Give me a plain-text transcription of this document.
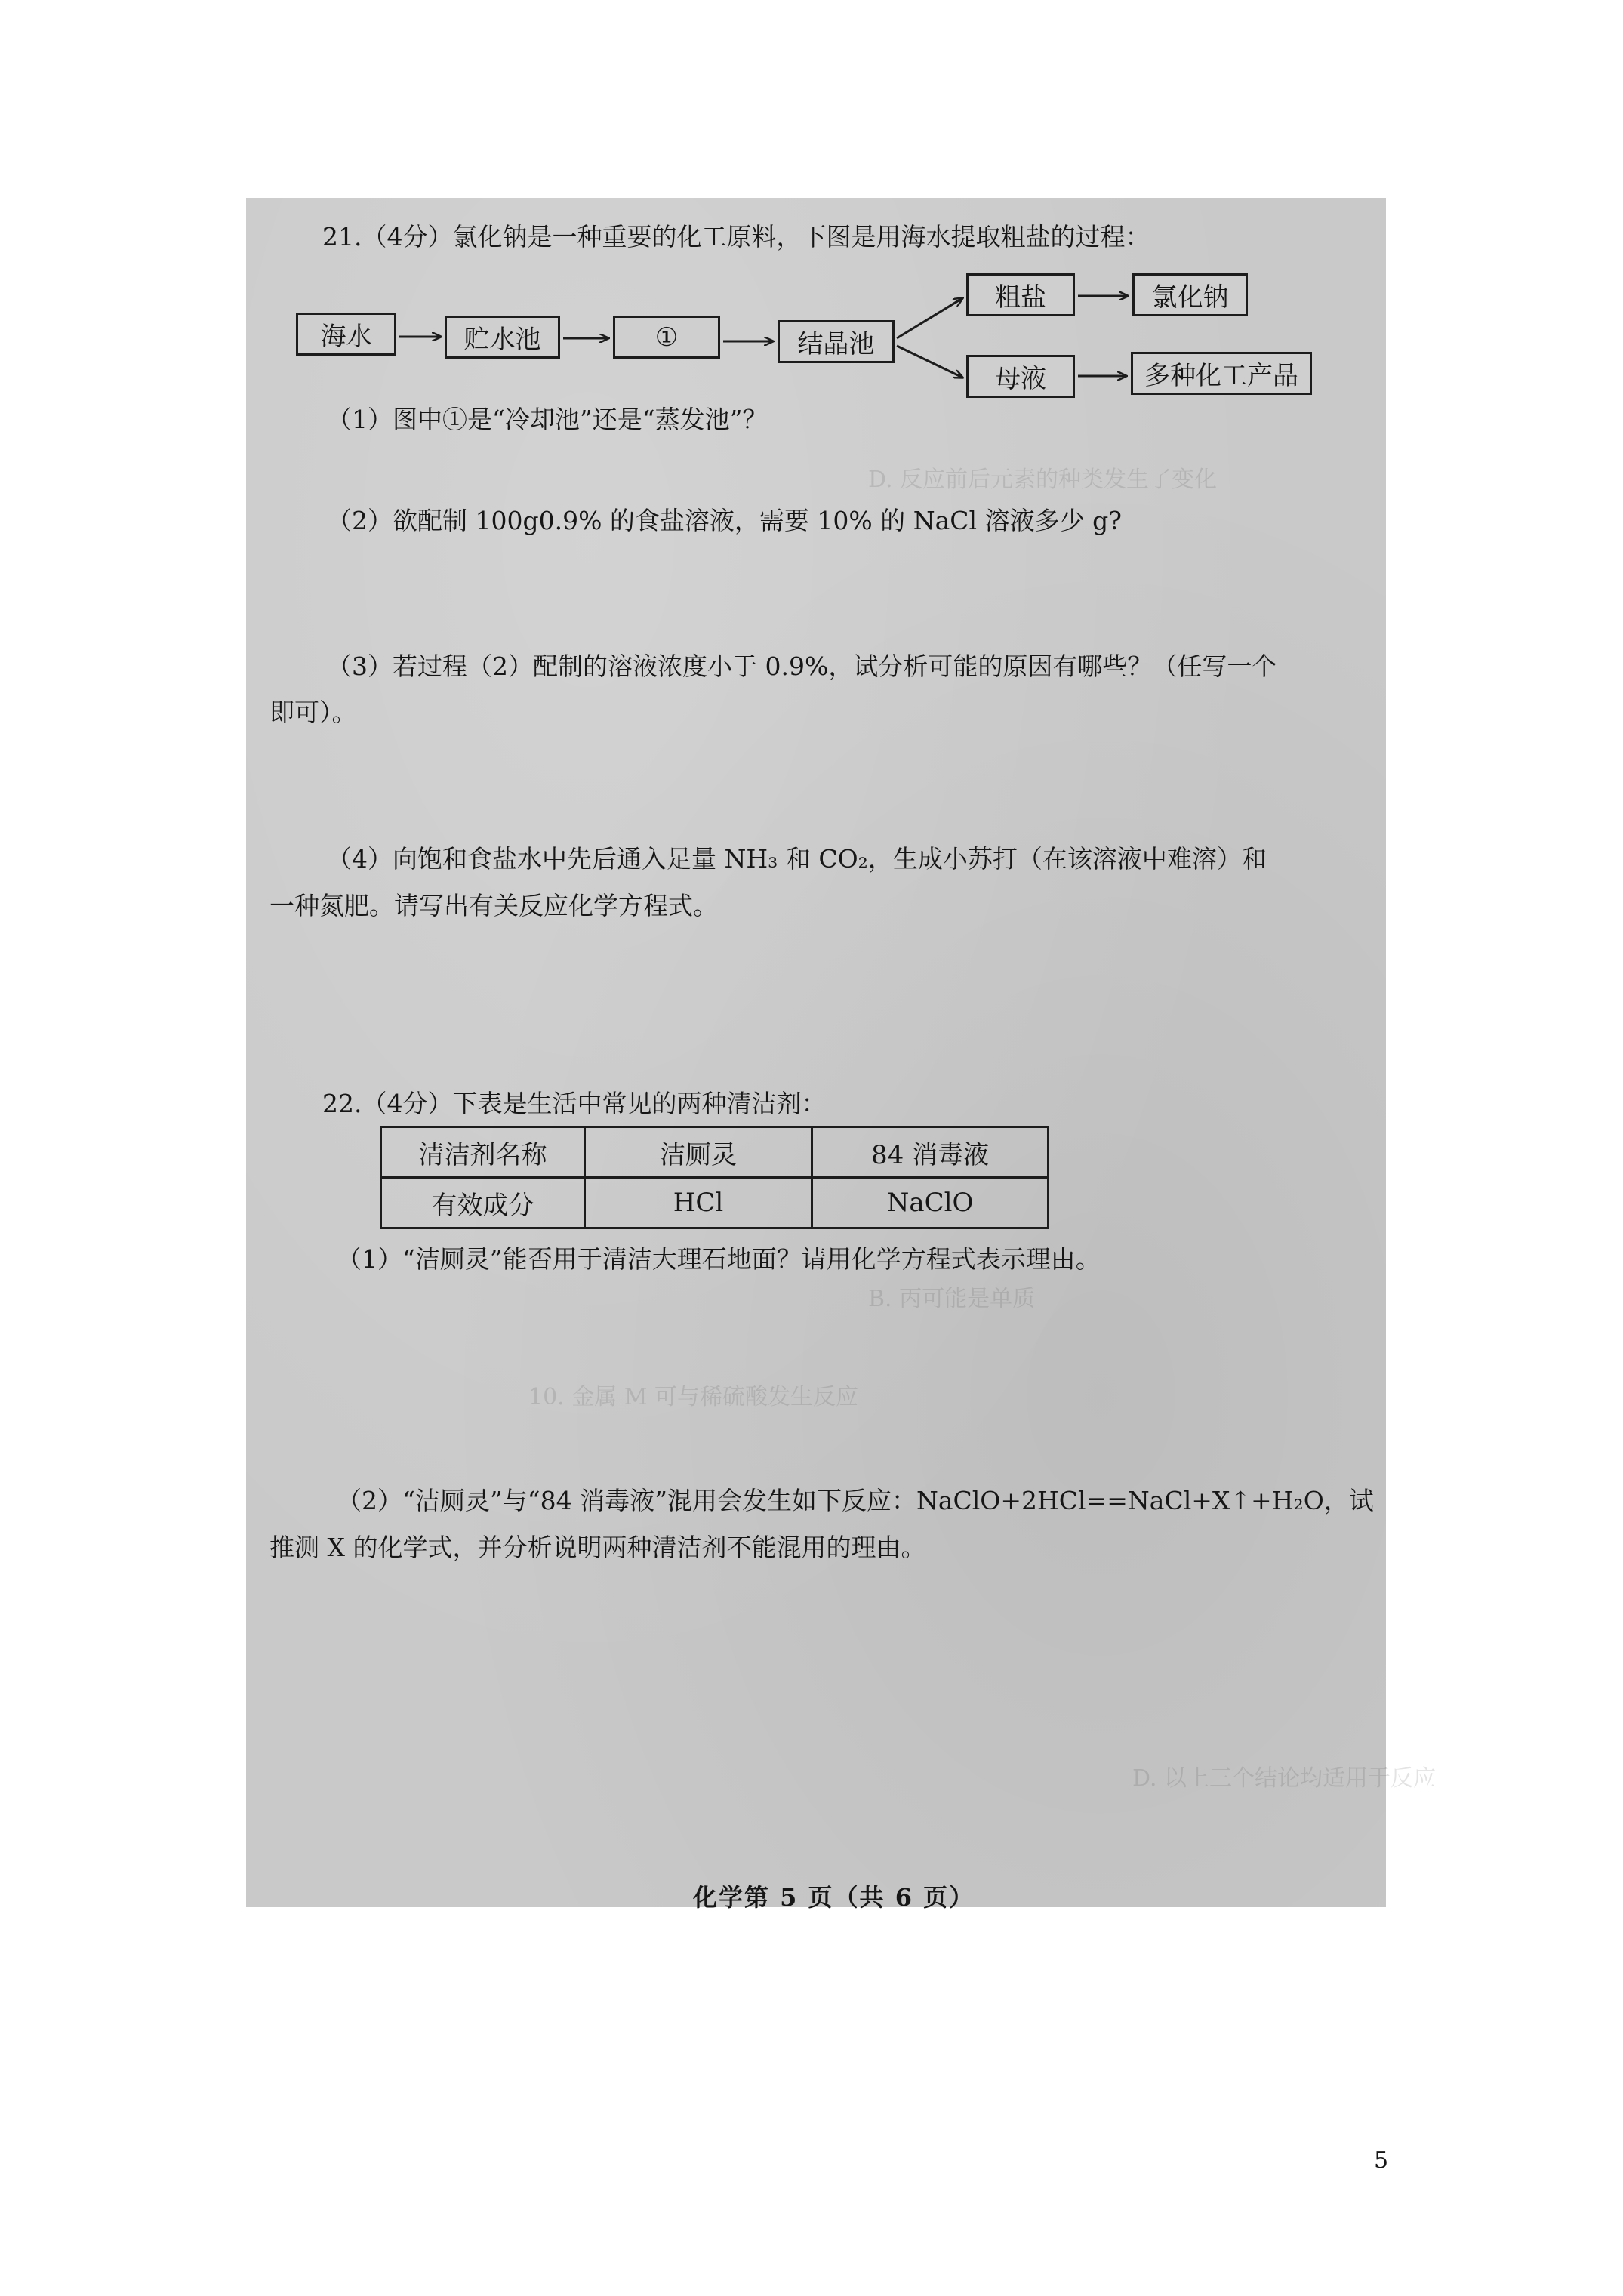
D. 反应前后元素的种类发生了变化
B. 丙可能是单质
10. 金属 M 可与稀硫酸发生反应
D. 以上三个结论均适用于反应
21.（4分）氯化钠是一种重要的化工原料，下图是用海水提取粗盐的过程：
海水	贮水池	①	结晶池
粗盐	氯化钠
母液	多种化工产品
（1）图中①是“冷却池”还是“蒸发池”？
（2）欲配制 100g0.9% 的食盐溶液，需要 10% 的 NaCl 溶液多少 g?
（3）若过程（2）配制的溶液浓度小于 0.9%，试分析可能的原因有哪些？（任写一个
即可）。
（4）向饱和食盐水中先后通入足量 NH₃ 和 CO₂，生成小苏打（在该溶液中难溶）和
一种氮肥。请写出有关反应化学方程式。
22.（4分）下表是生活中常见的两种清洁剂：
清洁剂名称	洁厕灵	84 消毒液
有效成分	HCl	NaClO
（1）“洁厕灵”能否用于清洁大理石地面？请用化学方程式表示理由。
（2）“洁厕灵”与“84 消毒液”混用会发生如下反应：NaClO+2HCl==NaCl+X↑+H₂O，试
推测 X 的化学式，并分析说明两种清洁剂不能混用的理由。
化学第 5 页（共 6 页）
5
